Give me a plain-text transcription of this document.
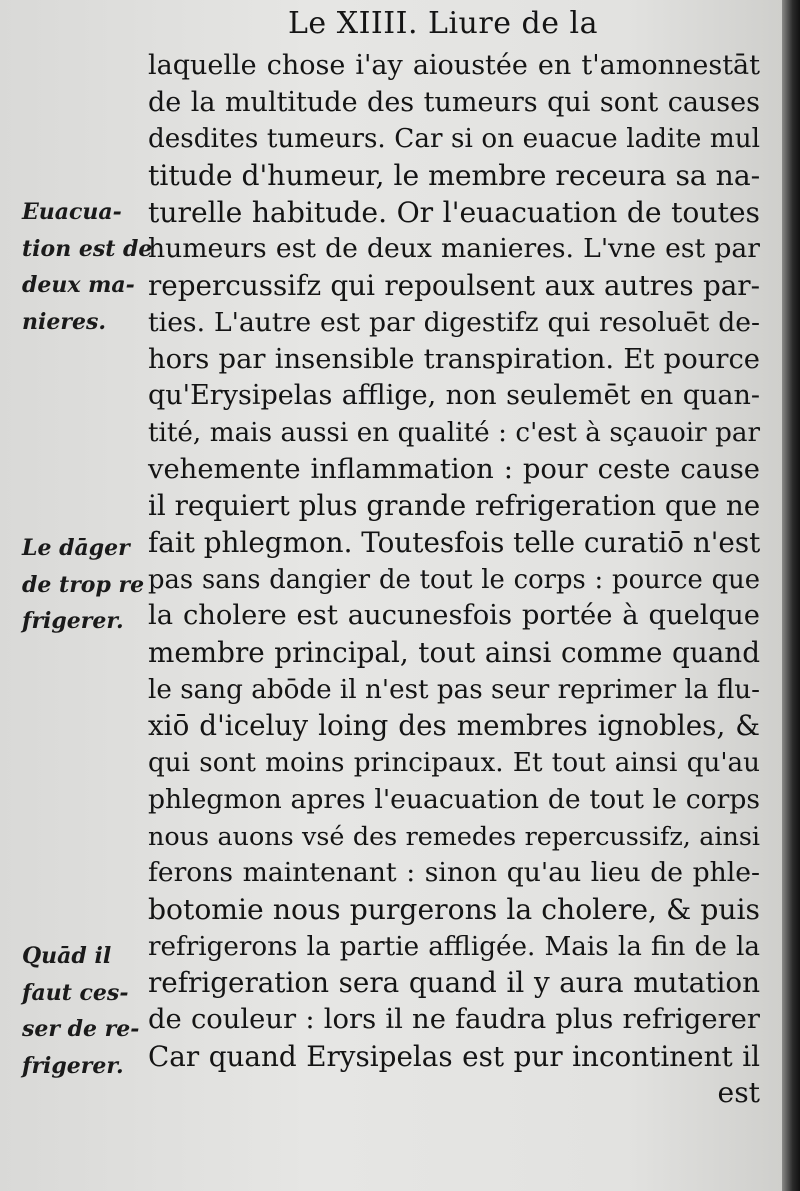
Le XIIII. Liure de la
laquelle chose i'ay aioustée en t'amonnestāt
de la multitude des tumeurs qui sont causes
desdites tumeurs. Car si on euacue ladite mul
titude d'humeur, le membre receura sa na-
turelle habitude. Or l'euacuation de toutes
humeurs est de deux manieres. L'vne est par
repercussifz qui repoulsent aux autres par-
ties. L'autre est par digestifz qui resoluēt de-
hors par insensible transpiration. Et pource
qu'Erysipelas afflige, non seulemēt en quan-
tité, mais aussi en qualité : c'est à sçauoir par
vehemente inflammation : pour ceste cause
il requiert plus grande refrigeration que ne
fait phlegmon. Toutesfois telle curatiō n'est
pas sans dangier de tout le corps : pource que
la cholere est aucunesfois portée à quelque
membre principal, tout ainsi comme quand
le sang abōde il n'est pas seur reprimer la flu-
xiō d'iceluy loing des membres ignobles, &
qui sont moins principaux. Et tout ainsi qu'au
phlegmon apres l'euacuation de tout le corps
nous auons vsé des remedes repercussifz, ainsi
ferons maintenant : sinon qu'au lieu de phle-
botomie nous purgerons la cholere, & puis
refrigerons la partie affligée. Mais la fin de la
refrigeration sera quand il y aura mutation
de couleur : lors il ne faudra plus refrigerer
Car quand Erysipelas est pur incontinent il
est
Euacua-
tion est de
deux ma-
nieres.
Le dāger
de trop re
frigerer.
Quād il
faut ces-
ser de re-
frigerer.
